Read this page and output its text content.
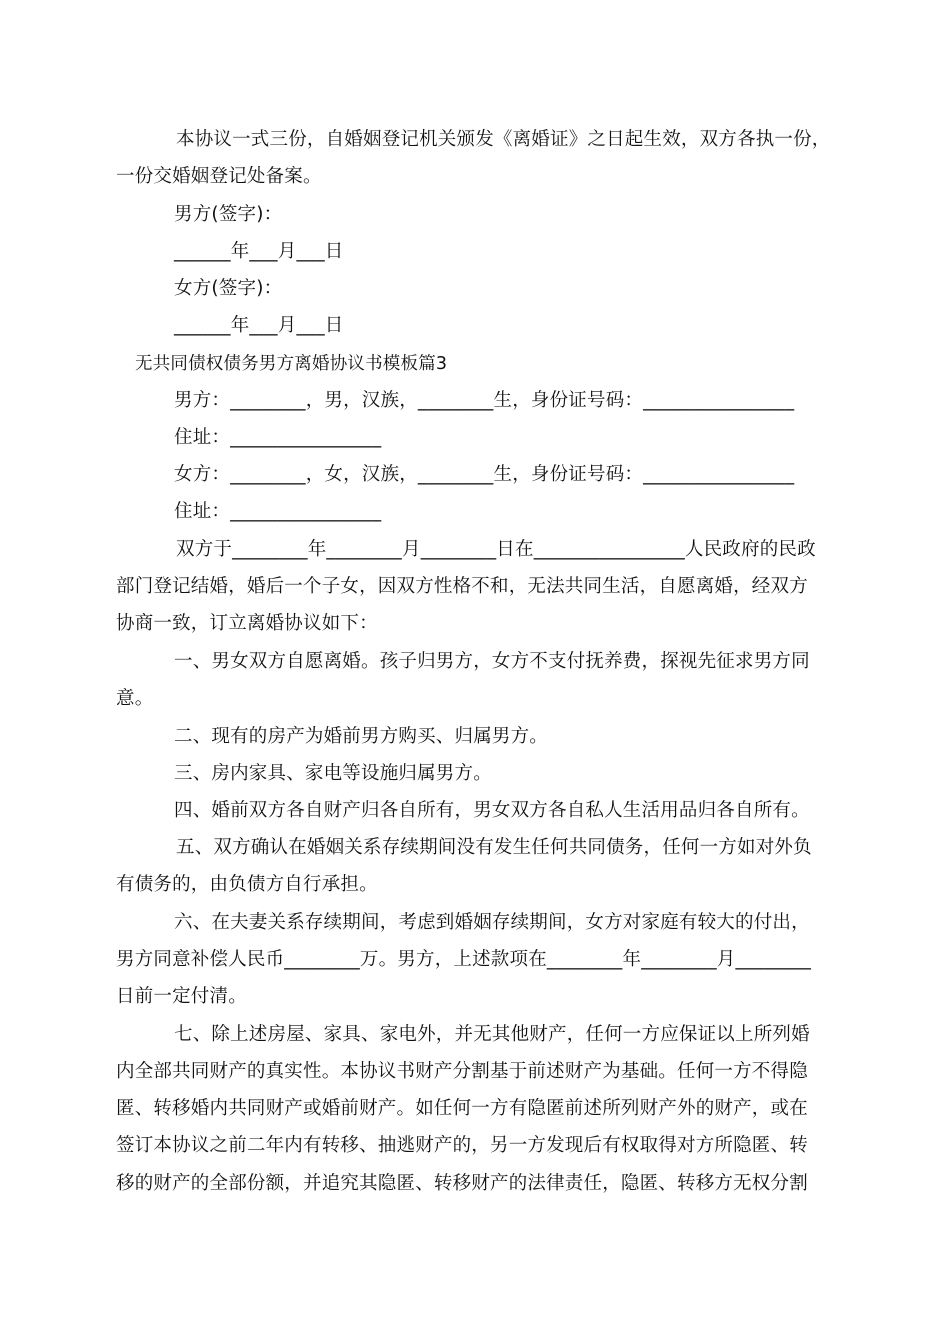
本协议一式三份，自婚姻登记机关颁发《离婚证》之日起生效，双方各执一份，
一份交婚姻登记处备案。
男方(签字)：
______年___月___日
女方(签字)：
______年___月___日
无共同债权债务男方离婚协议书模板篇3
男方：________，男，汉族，________生，身份证号码：________________
住址：________________
女方：________，女，汉族，________生，身份证号码：________________
住址：________________
双方于________年________月________日在________________人民政府的民政
部门登记结婚，婚后一个子女，因双方性格不和，无法共同生活，自愿离婚，经双方
协商一致，订立离婚协议如下：
一、男女双方自愿离婚。孩子归男方，女方不支付抚养费，探视先征求男方同
意。
二、现有的房产为婚前男方购买、归属男方。
三、房内家具、家电等设施归属男方。
四、婚前双方各自财产归各自所有，男女双方各自私人生活用品归各自所有。
五、双方确认在婚姻关系存续期间没有发生任何共同债务，任何一方如对外负
有债务的，由负债方自行承担。
六、在夫妻关系存续期间，考虑到婚姻存续期间，女方对家庭有较大的付出，
男方同意补偿人民币________万。男方，上述款项在________年________月________
日前一定付清。
七、除上述房屋、家具、家电外，并无其他财产，任何一方应保证以上所列婚
内全部共同财产的真实性。本协议书财产分割基于前述财产为基础。任何一方不得隐
匿、转移婚内共同财产或婚前财产。如任何一方有隐匿前述所列财产外的财产，或在
签订本协议之前二年内有转移、抽逃财产的，另一方发现后有权取得对方所隐匿、转
移的财产的全部份额，并追究其隐匿、转移财产的法律责任，隐匿、转移方无权分割
